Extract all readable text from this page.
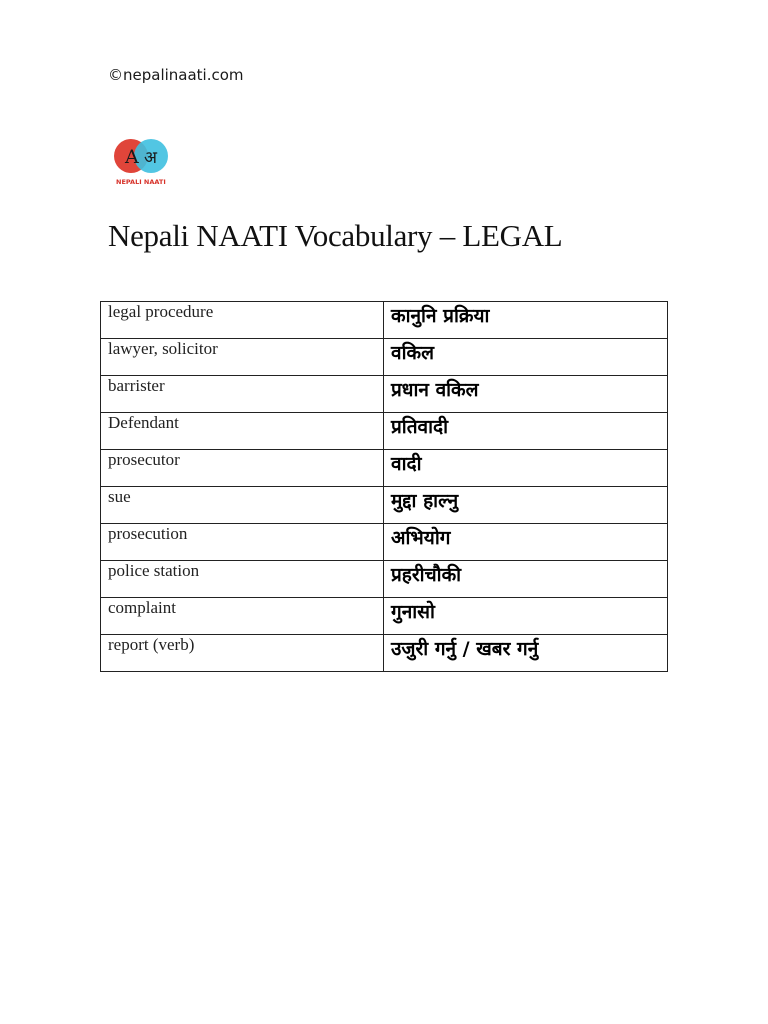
©nepalinaati.com
A अ
NEPALI NAATI
Nepali NAATI Vocabulary – LEGAL
legal procedure	कानुनि प्रक्रिया
lawyer, solicitor	वकिल
barrister	प्रधान वकिल
Defendant	प्रतिवादी
prosecutor	वादी
sue	मुद्दा हाल्नु
prosecution	अभियोग
police station	प्रहरीचौकी
complaint	गुनासो
report (verb)	उजुरी गर्नु / खबर गर्नु
